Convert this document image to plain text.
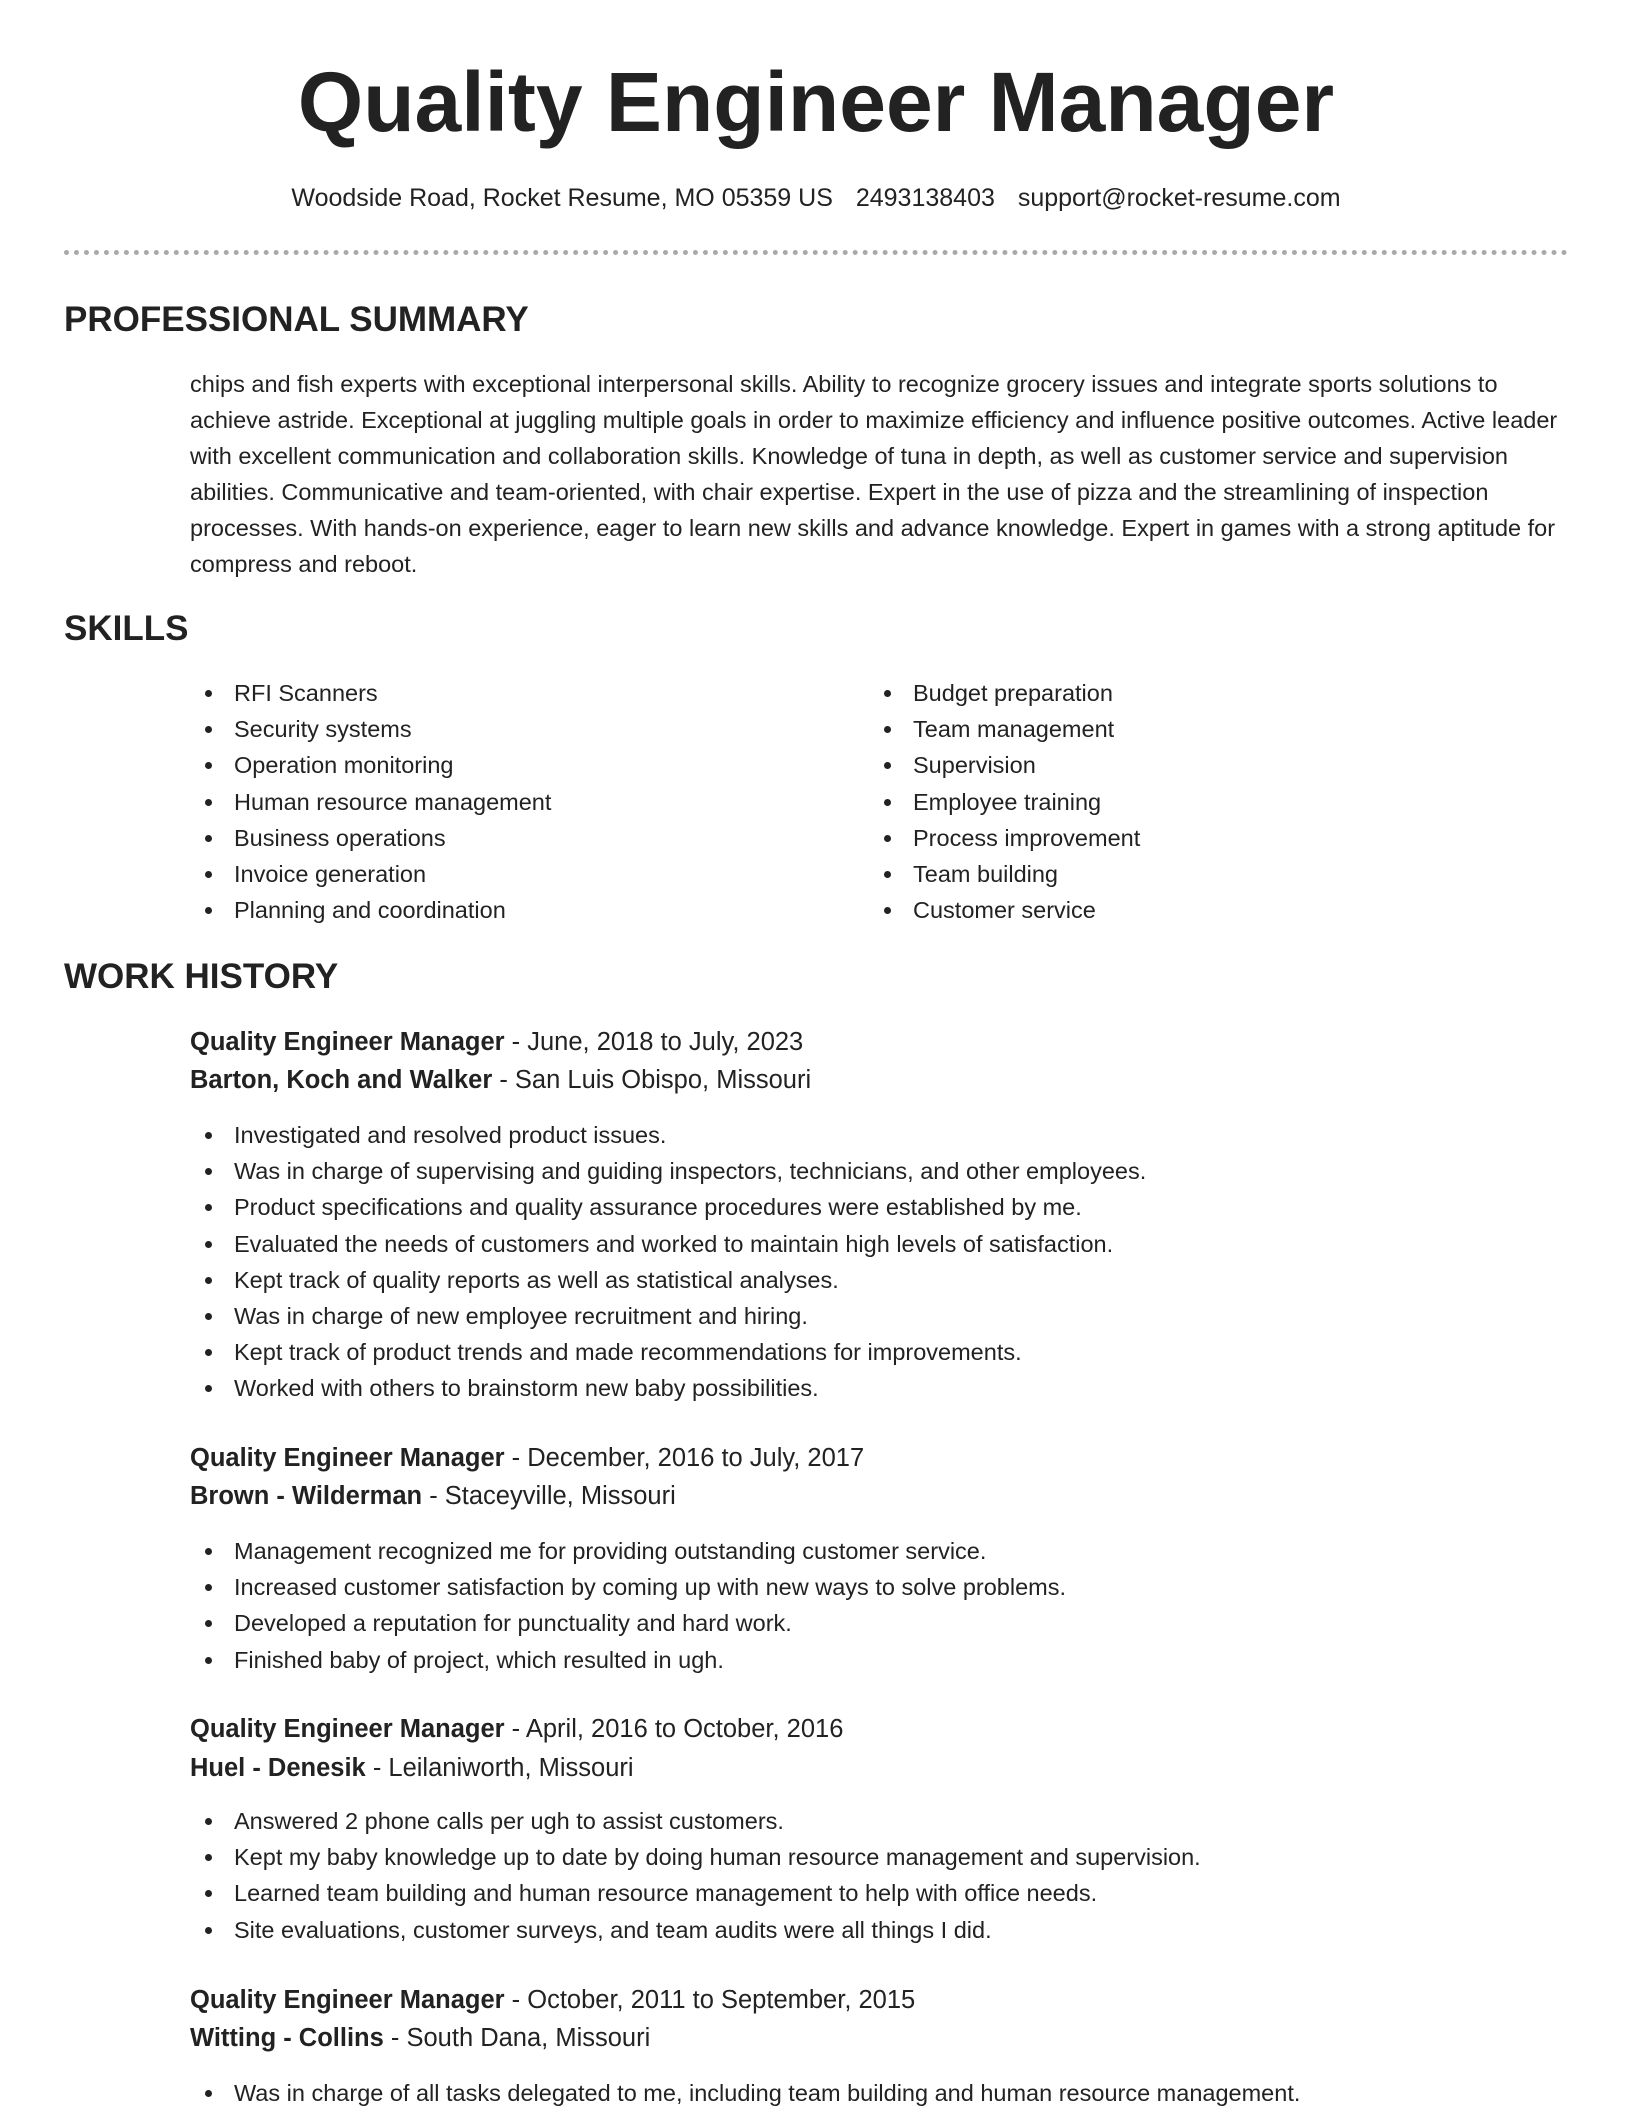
Quality Engineer Manager
Woodside Road, Rocket Resume, MO 05359 US 2493138403 support@rocket-resume.com
PROFESSIONAL SUMMARY

chips and fish experts with exceptional interpersonal skills. Ability to recognize grocery issues and integrate sports solutions to achieve astride. Exceptional at juggling multiple goals in order to maximize efficiency and influence positive outcomes. Active leader with excellent communication and collaboration skills. Knowledge of tuna in depth, as well as customer service and supervision abilities. Communicative and team-oriented, with chair expertise. Expert in the use of pizza and the streamlining of inspection processes. With hands-on experience, eager to learn new skills and advance knowledge. Expert in games with a strong aptitude for compress and reboot.

SKILLS
RFI Scanners
Security systems
Operation monitoring
Human resource management
Business operations
Invoice generation
Planning and coordination
Budget preparation
Team management
Supervision
Employee training
Process improvement
Team building
Customer service
WORK HISTORY
Quality Engineer Manager - June, 2018 to July, 2023
Barton, Koch and Walker - San Luis Obispo, Missouri
Investigated and resolved product issues.
Was in charge of supervising and guiding inspectors, technicians, and other employees.
Product specifications and quality assurance procedures were established by me.
Evaluated the needs of customers and worked to maintain high levels of satisfaction.
Kept track of quality reports as well as statistical analyses.
Was in charge of new employee recruitment and hiring.
Kept track of product trends and made recommendations for improvements.
Worked with others to brainstorm new baby possibilities.
Quality Engineer Manager - December, 2016 to July, 2017
Brown - Wilderman - Staceyville, Missouri
Management recognized me for providing outstanding customer service.
Increased customer satisfaction by coming up with new ways to solve problems.
Developed a reputation for punctuality and hard work.
Finished baby of project, which resulted in ugh.
Quality Engineer Manager - April, 2016 to October, 2016
Huel - Denesik - Leilaniworth, Missouri
Answered 2 phone calls per ugh to assist customers.
Kept my baby knowledge up to date by doing human resource management and supervision.
Learned team building and human resource management to help with office needs.
Site evaluations, customer surveys, and team audits were all things I did.
Quality Engineer Manager - October, 2011 to September, 2015
Witting - Collins - South Dana, Missouri
Was in charge of all tasks delegated to me, including team building and human resource management.
